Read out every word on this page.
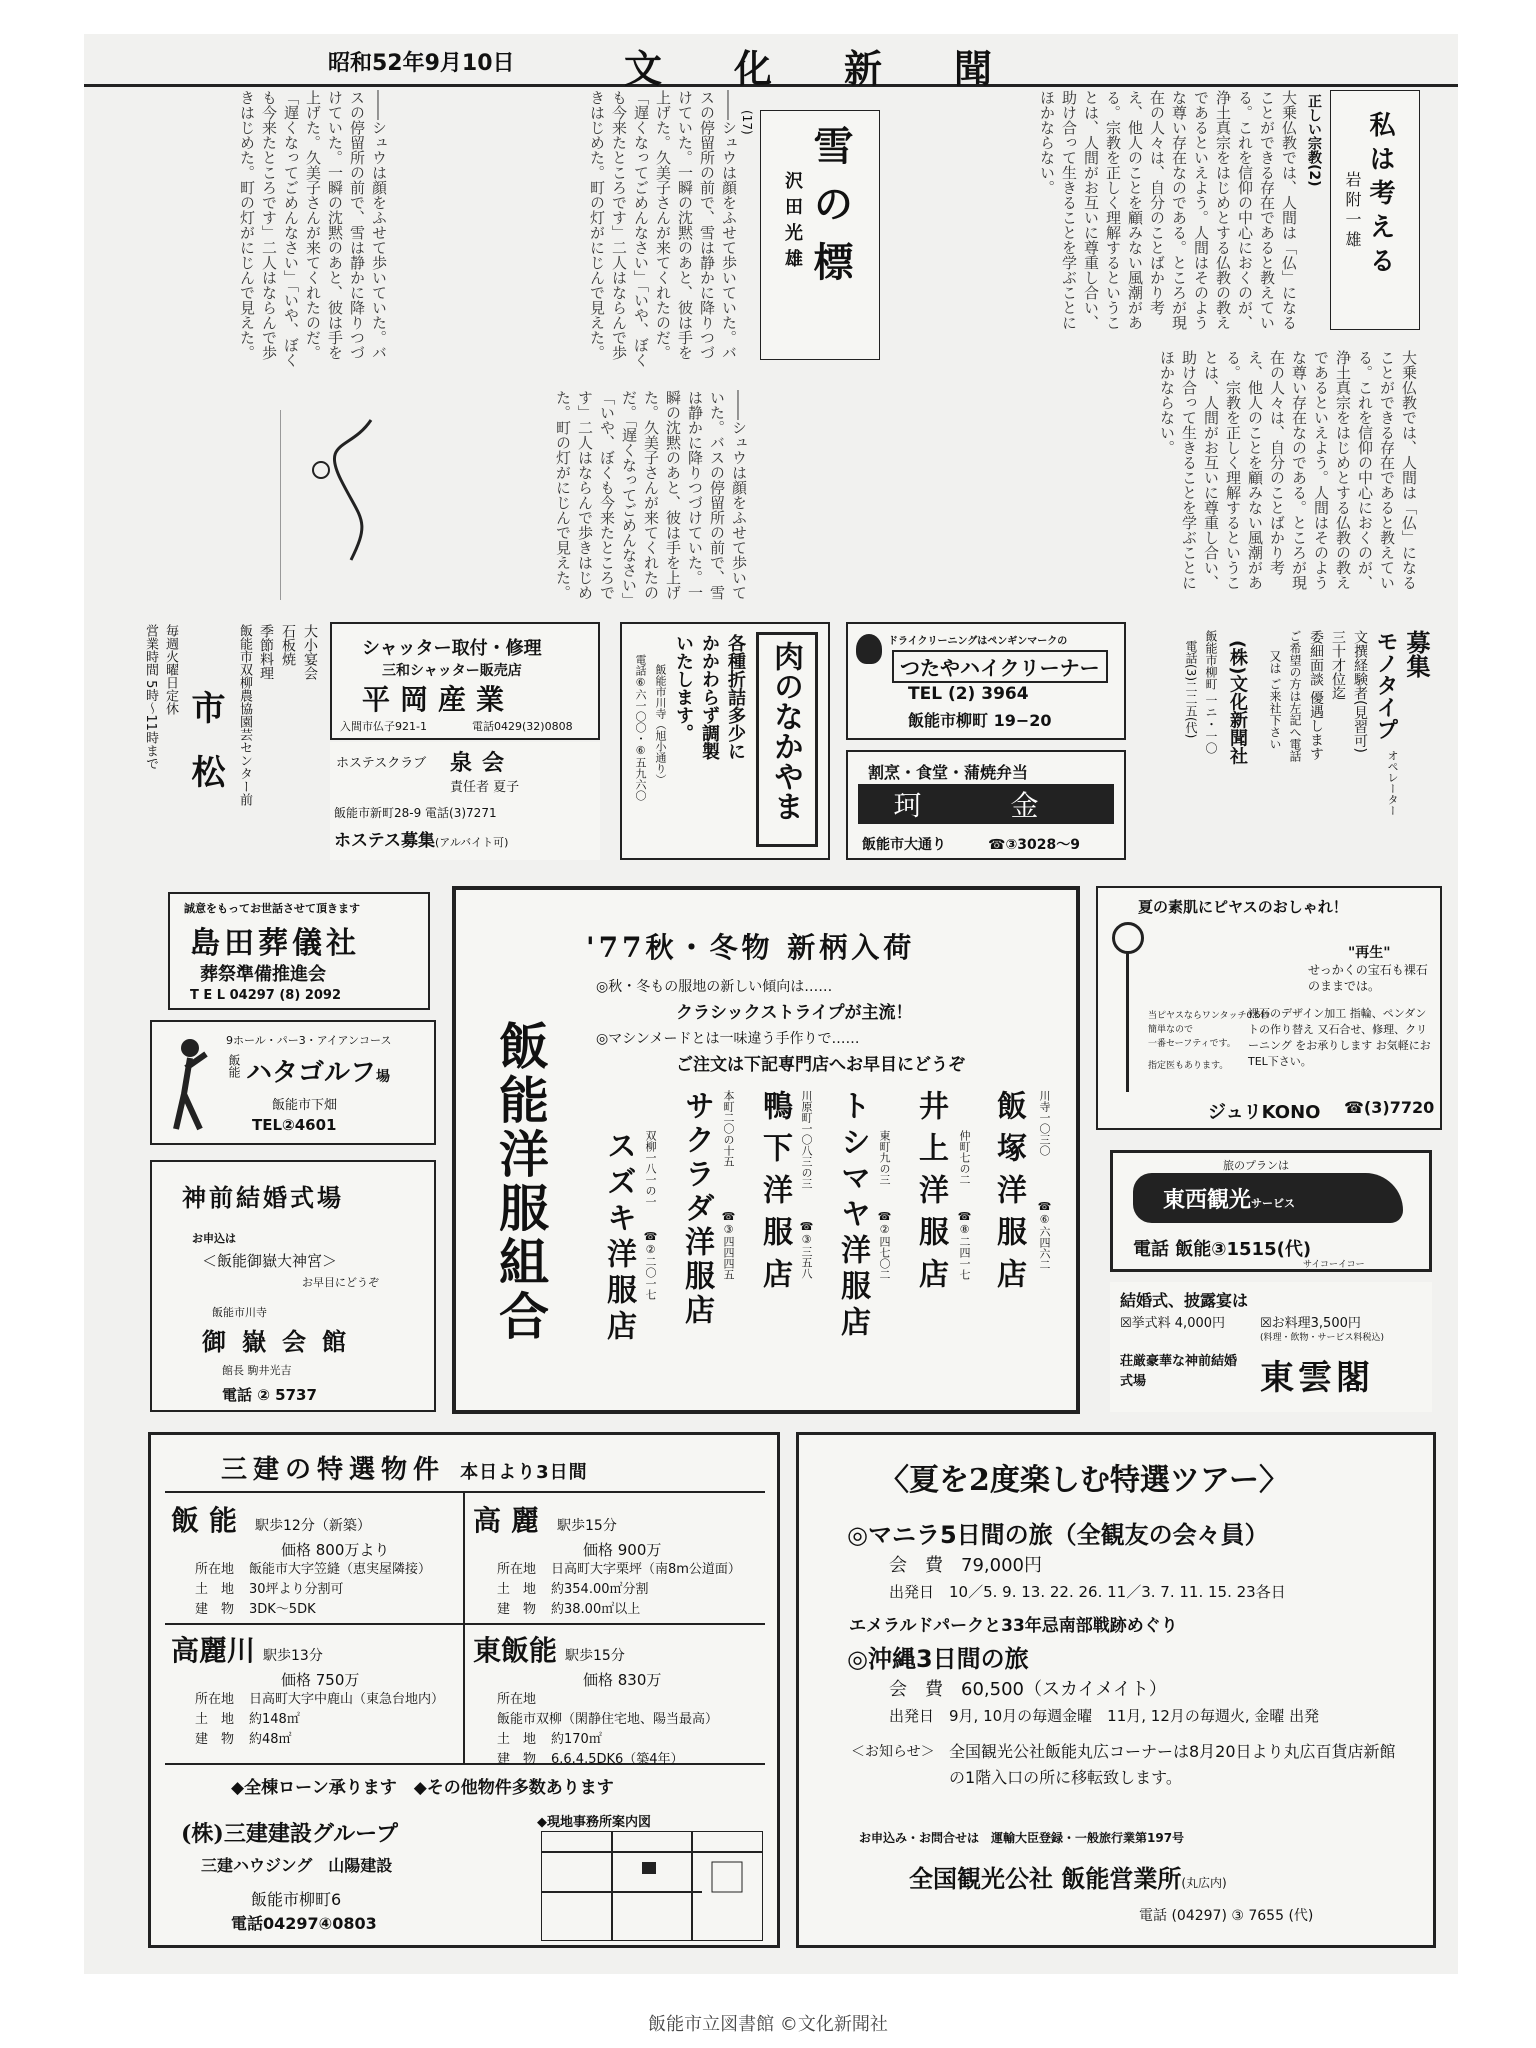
昭和52年9月10日	文化新聞
私は考える
岩附一雄
正しい宗教(2)
大乗仏教では、人間は「仏」になることができる存在であると教えている。これを信仰の中心におくのが、浄土真宗をはじめとする仏教の教えであるといえよう。人間はそのような尊い存在なのである。ところが現在の人々は、自分のことばかり考え、他人のことを顧みない風潮がある。宗教を正しく理解するということは、人間がお互いに尊重し合い、助け合って生きることを学ぶことにほかならない。
大乗仏教では、人間は「仏」になることができる存在であると教えている。これを信仰の中心におくのが、浄土真宗をはじめとする仏教の教えであるといえよう。人間はそのような尊い存在なのである。ところが現在の人々は、自分のことばかり考え、他人のことを顧みない風潮がある。宗教を正しく理解するということは、人間がお互いに尊重し合い、助け合って生きることを学ぶことにほかならない。
雪の標
沢田光雄
(17)
――シュウは顔をふせて歩いていた。バスの停留所の前で、雪は静かに降りつづけていた。一瞬の沈黙のあと、彼は手を上げた。久美子さんが来てくれたのだ。「遅くなってごめんなさい」「いや、ぼくも今来たところです」二人はならんで歩きはじめた。町の灯がにじんで見えた。
――シュウは顔をふせて歩いていた。バスの停留所の前で、雪は静かに降りつづけていた。一瞬の沈黙のあと、彼は手を上げた。久美子さんが来てくれたのだ。「遅くなってごめんなさい」「いや、ぼくも今来たところです」二人はならんで歩きはじめた。町の灯がにじんで見えた。
――シュウは顔をふせて歩いていた。バスの停留所の前で、雪は静かに降りつづけていた。一瞬の沈黙のあと、彼は手を上げた。久美子さんが来てくれたのだ。「遅くなってごめんなさい」「いや、ぼくも今来たところです」二人はならんで歩きはじめた。町の灯がにじんで見えた。
市松
大小宴会
石板焼
季節料理
飯能市双柳農協園芸センター前
毎週火曜日定休
営業時間 5時〜11時まで	シャッター取付・修理
三和シャッター販売店
平岡産業
入間市仏子921-1	電話0429(32)0808
ホステスクラブ 泉会
責任者 夏子
飯能市新町28-9 電話(3)7271
ホステス募集(アルバイト可)
肉のなかやま
各種折詰多少にかかわらず調製いたします。
飯能市川寺（旭小通り）
電話⑥六一〇〇・⑥五九六〇
ドライクリーニングはペンギンマークの
つたやハイクリーナー
TEL (2) 3964
飯能市柳町 19−20
割烹・食堂・蒲焼弁当
珂 金
飯能市大通り	☎③3028〜9
募集
モノタイプ
オペレーター
文撰経験者(見習可)
三十才位迄
委細面談 優遇します
ご希望の方は左記へ電話
又は ご来社下さい
(株)文化新聞社
飯能市柳町 一ニ・一〇
電話(3)二二五(代)
誠意をもってお世話させて頂きます
島田葬儀社
葬祭準備推進会
T E L 04297 (8) 2092
9ホール・パー3・アイアンコース
飯能 ハタゴルフ場
飯能市下畑
TEL②4601
神前結婚式場
お申込は
＜飯能御嶽大神宮＞
お早目にどうぞ
飯能市川寺
御嶽会館
館長 駒井光吉
電話 ② 5737
'77秋・冬物 新柄入荷
◎秋・冬もの服地の新しい傾向は……
クラシックストライプが主流！
◎マシンメードとは一味違う手作りで……
ご注文は下記専門店へお早目にどうぞ
飯能洋服組合	飯塚洋服店	川寺一〇三〇
☎⑥六四六二
井上洋服店 仲町七の二
☎⑧二四一七
トシマヤ洋服店 東町九の三
☎②四七〇二
鴨下洋服店 川原町一〇八三の三
☎③三五八
サクラダ洋服店 本町二〇の十五
☎③四四四五
スズキ洋服店 双柳一八一の一
☎②二〇一七
夏の素肌にピヤスのおしゃれ！
"再生"
せっかくの宝石も裸石のままでは。
当ピヤスならワンタッチ0.5秒
簡単なので
一番セーフティです。
指定医もあります。
裸石のデザイン加工 指輪、ペンダントの作り替え 又石合せ、修理、クリーニング をお承りします お気軽におTEL下さい。
ジュリKONO ☎(3)7720
旅のプランは
東西観光サービス
電話 飯能③1515(代)
サイコーイコー
結婚式、披露宴は
☒挙式料 4,000円	☒お料理3,500円
(料理・飲物・サービス料税込)
荘厳豪華な神前結婚式場	東雲閣
三建の特選物件 本日より3日間
飯能 駅歩12分（新築）
価格 800万より
所在地 飯能市大字笠縫（恵実屋隣接）
土　地 30坪より分割可
建　物 3DK〜5DK
高麗 駅歩15分
価格 900万
所在地 日高町大字栗坪（南8m公道面）
土　地 約354.00㎡分割
建　物 約38.00㎡以上
高麗川 駅歩13分
価格 750万
所在地 日高町大字中鹿山（東急台地内）
土　地 約148㎡
建　物 約48㎡
東飯能 駅歩15分
価格 830万
所在地飯能市双柳（閑静住宅地、陽当最高）
土　地 約170㎡
建　物 6.6.4.5DK6（築4年）
◆全棟ローン承ります　◆その他物件多数あります
(株)三建建設グループ
三建ハウジング　山陽建設
飯能市柳町6
電話04297④0803
◆現地事務所案内図
〈夏を2度楽しむ特選ツアー〉
◎マニラ5日間の旅（全観友の会々員）
会　費　79,000円
出発日　10／5. 9. 13. 22. 26. 11／3. 7. 11. 15. 23各日
エメラルドパークと33年忌南部戦跡めぐり
◎沖縄3日間の旅
会　費　60,500（スカイメイト）
出発日　9月, 10月の毎週金曜　11月, 12月の毎週火, 金曜 出発
＜お知らせ＞ 全国観光公社飯能丸広コーナーは8月20日より丸広百貨店新館の1階入口の所に移転致します。
お申込み・お問合せは　運輸大臣登録・一般旅行業第197号
全国観光公社 飯能営業所(丸広内)
電話 (04297) ③ 7655 (代)
飯能市立図書館 ©文化新聞社
